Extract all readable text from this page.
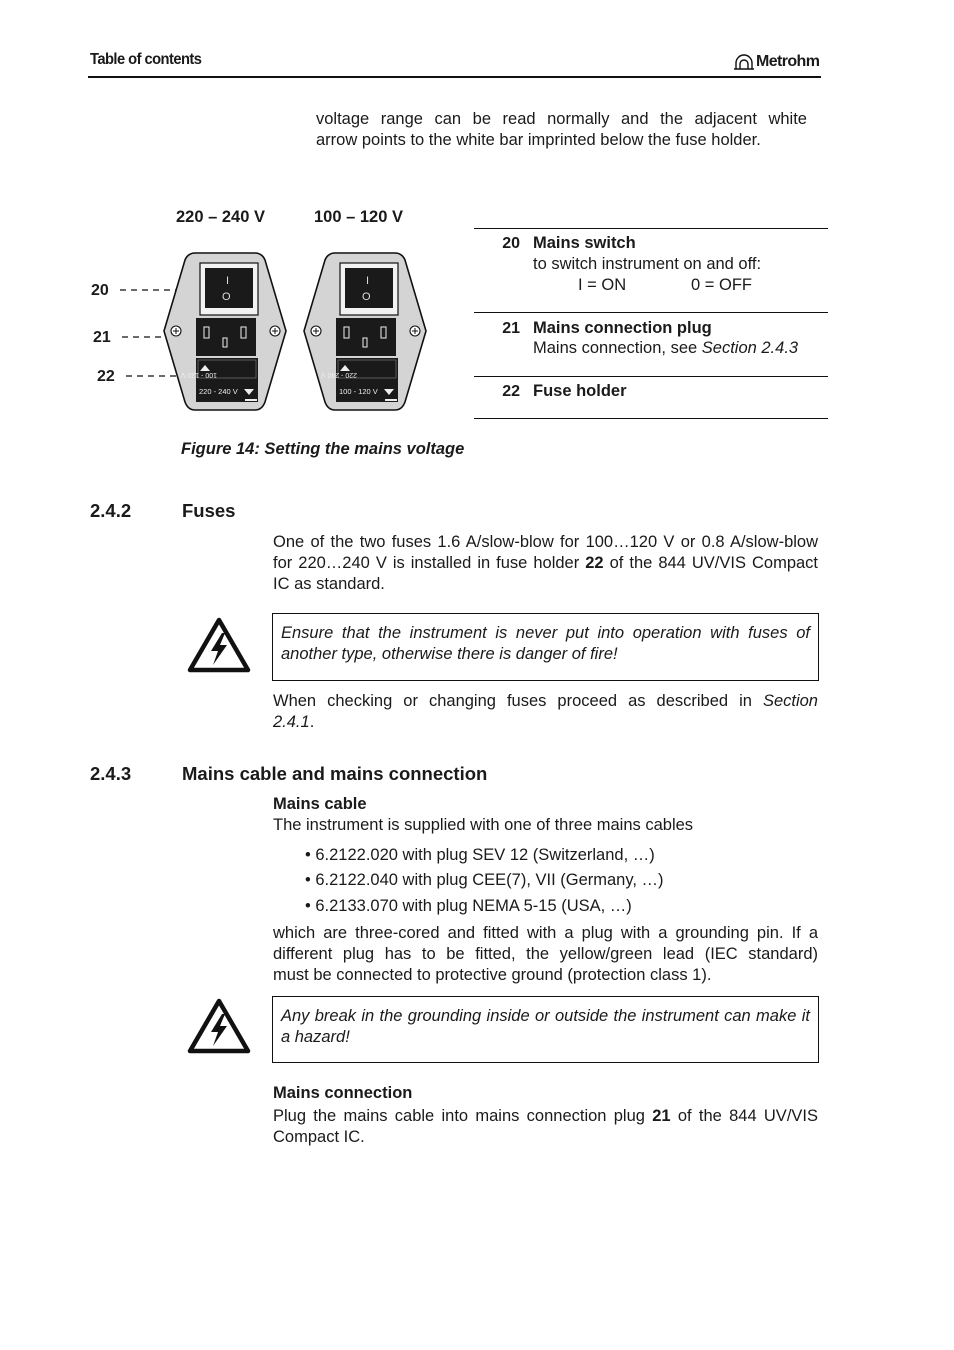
Table of contents	Metrohm
voltage range can be read normally and the adjacent white
arrow points to the white bar imprinted below the fuse holder.
220 – 240 V	100 – 120 V
20
21
22
I
O
100 - 120 V
220 - 240 V
I
O
220 - 240 V
100 - 120 V
20 Mains switch
to switch instrument on and off:
I = ON	0 = OFF
21 Mains connection plug
Mains connection, see Section 2.4.3
22 Fuse holder
Figure 14: Setting the mains voltage
2.4.2	Fuses
One of the two fuses 1.6 A/slow-blow for 100…120 V or 0.8 A/slow-blow
for 220…240 V is installed in fuse holder 22 of the 844 UV/VIS Compact
IC as standard.
Ensure that the instrument is never put into operation with fuses of another type, otherwise there is danger of fire!
When checking or changing fuses proceed as described in Section
2.4.1.
2.4.3	Mains cable and mains connection
Mains cable
The instrument is supplied with one of three mains cables
• 6.2122.020 with plug SEV 12 (Switzerland, …)
• 6.2122.040 with plug CEE(7), VII (Germany, …)
• 6.2133.070 with plug NEMA 5-15 (USA, …)
which are three-cored and fitted with a plug with a grounding pin. If a
different plug has to be fitted, the yellow/green lead (IEC standard)
must be connected to protective ground (protection class 1).
Any break in the grounding inside or outside the instrument can make it a hazard!
Mains connection
Plug the mains cable into mains connection plug 21 of the 844 UV/VIS
Compact IC.
